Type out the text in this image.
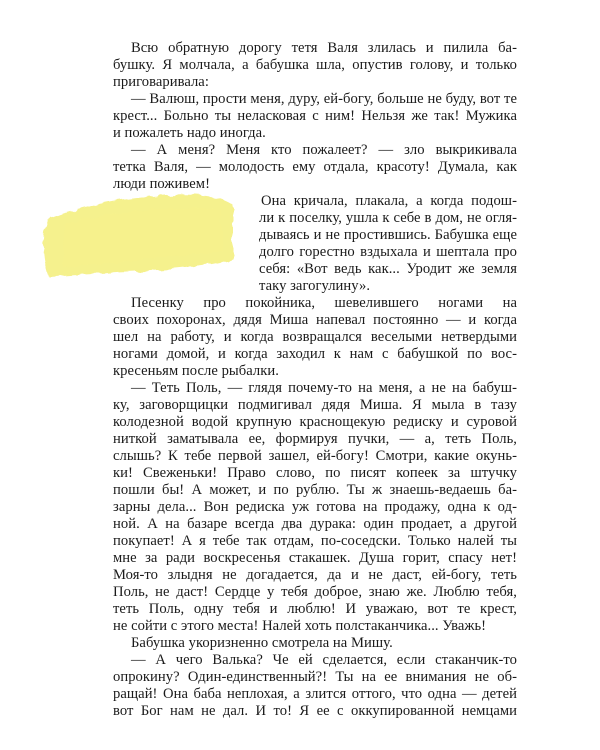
Всю обратную дорогу тетя Валя злилась и пилила ба-
бушку. Я молчала, а бабушка шла, опустив голову, и только
приговаривала:
— Валюш, прости меня, дуру, ей-богу, больше не буду, вот те
крест... Больно ты неласковая с ним! Нельзя же так! Мужика
и пожалеть надо иногда.
— А меня? Меня кто пожалеет? — зло выкрикивала
тетка Валя, — молодость ему отдала, красоту! Думала, как
люди поживем!
Она кричала, плакала, а когда подош-
ли к поселку, ушла к себе в дом, не огля-
дываясь и не простившись. Бабушка еще
долго горестно вздыхала и шептала про
себя: «Вот ведь как... Уродит же земля
таку загогулину».
Песенку про покойника, шевелившего ногами на
своих похоронах, дядя Миша напевал постоянно — и когда
шел на работу, и когда возвращался веселыми нетвердыми
ногами домой, и когда заходил к нам с бабушкой по вос-
кресеньям после рыбалки.
— Теть Поль, — глядя почему-то на меня, а не на бабуш-
ку, заговорщицки подмигивал дядя Миша. Я мыла в тазу
колодезной водой крупную краснощекую редиску и суровой
ниткой заматывала ее, формируя пучки, — а, теть Поль,
слышь? К тебе первой зашел, ей-богу! Смотри, какие окунь-
ки! Свеженьки! Право слово, по писят копеек за штучку
пошли бы! А может, и по рублю. Ты ж знаешь-ведаешь ба-
зарны дела... Вон редиска уж готова на продажу, одна к од-
ной. А на базаре всегда два дурака: один продает, а другой
покупает! А я тебе так отдам, по-соседски. Только налей ты
мне за ради воскресенья стакашек. Душа горит, спасу нет!
Моя-то злыдня не догадается, да и не даст, ей-богу, теть
Поль, не даст! Сердце у тебя доброе, знаю же. Люблю тебя,
теть Поль, одну тебя и люблю! И уважаю, вот те крест,
не сойти с этого места! Налей хоть полстаканчика... Уважь!
Бабушка укоризненно смотрела на Мишу.
— А чего Валька? Че ей сделается, если стаканчик-то
опрокину? Один-единственный?! Ты на ее внимания не об-
ращай! Она баба неплохая, а злится оттого, что одна — детей
вот Бог нам не дал. И то! Я ее с оккупированной немцами
